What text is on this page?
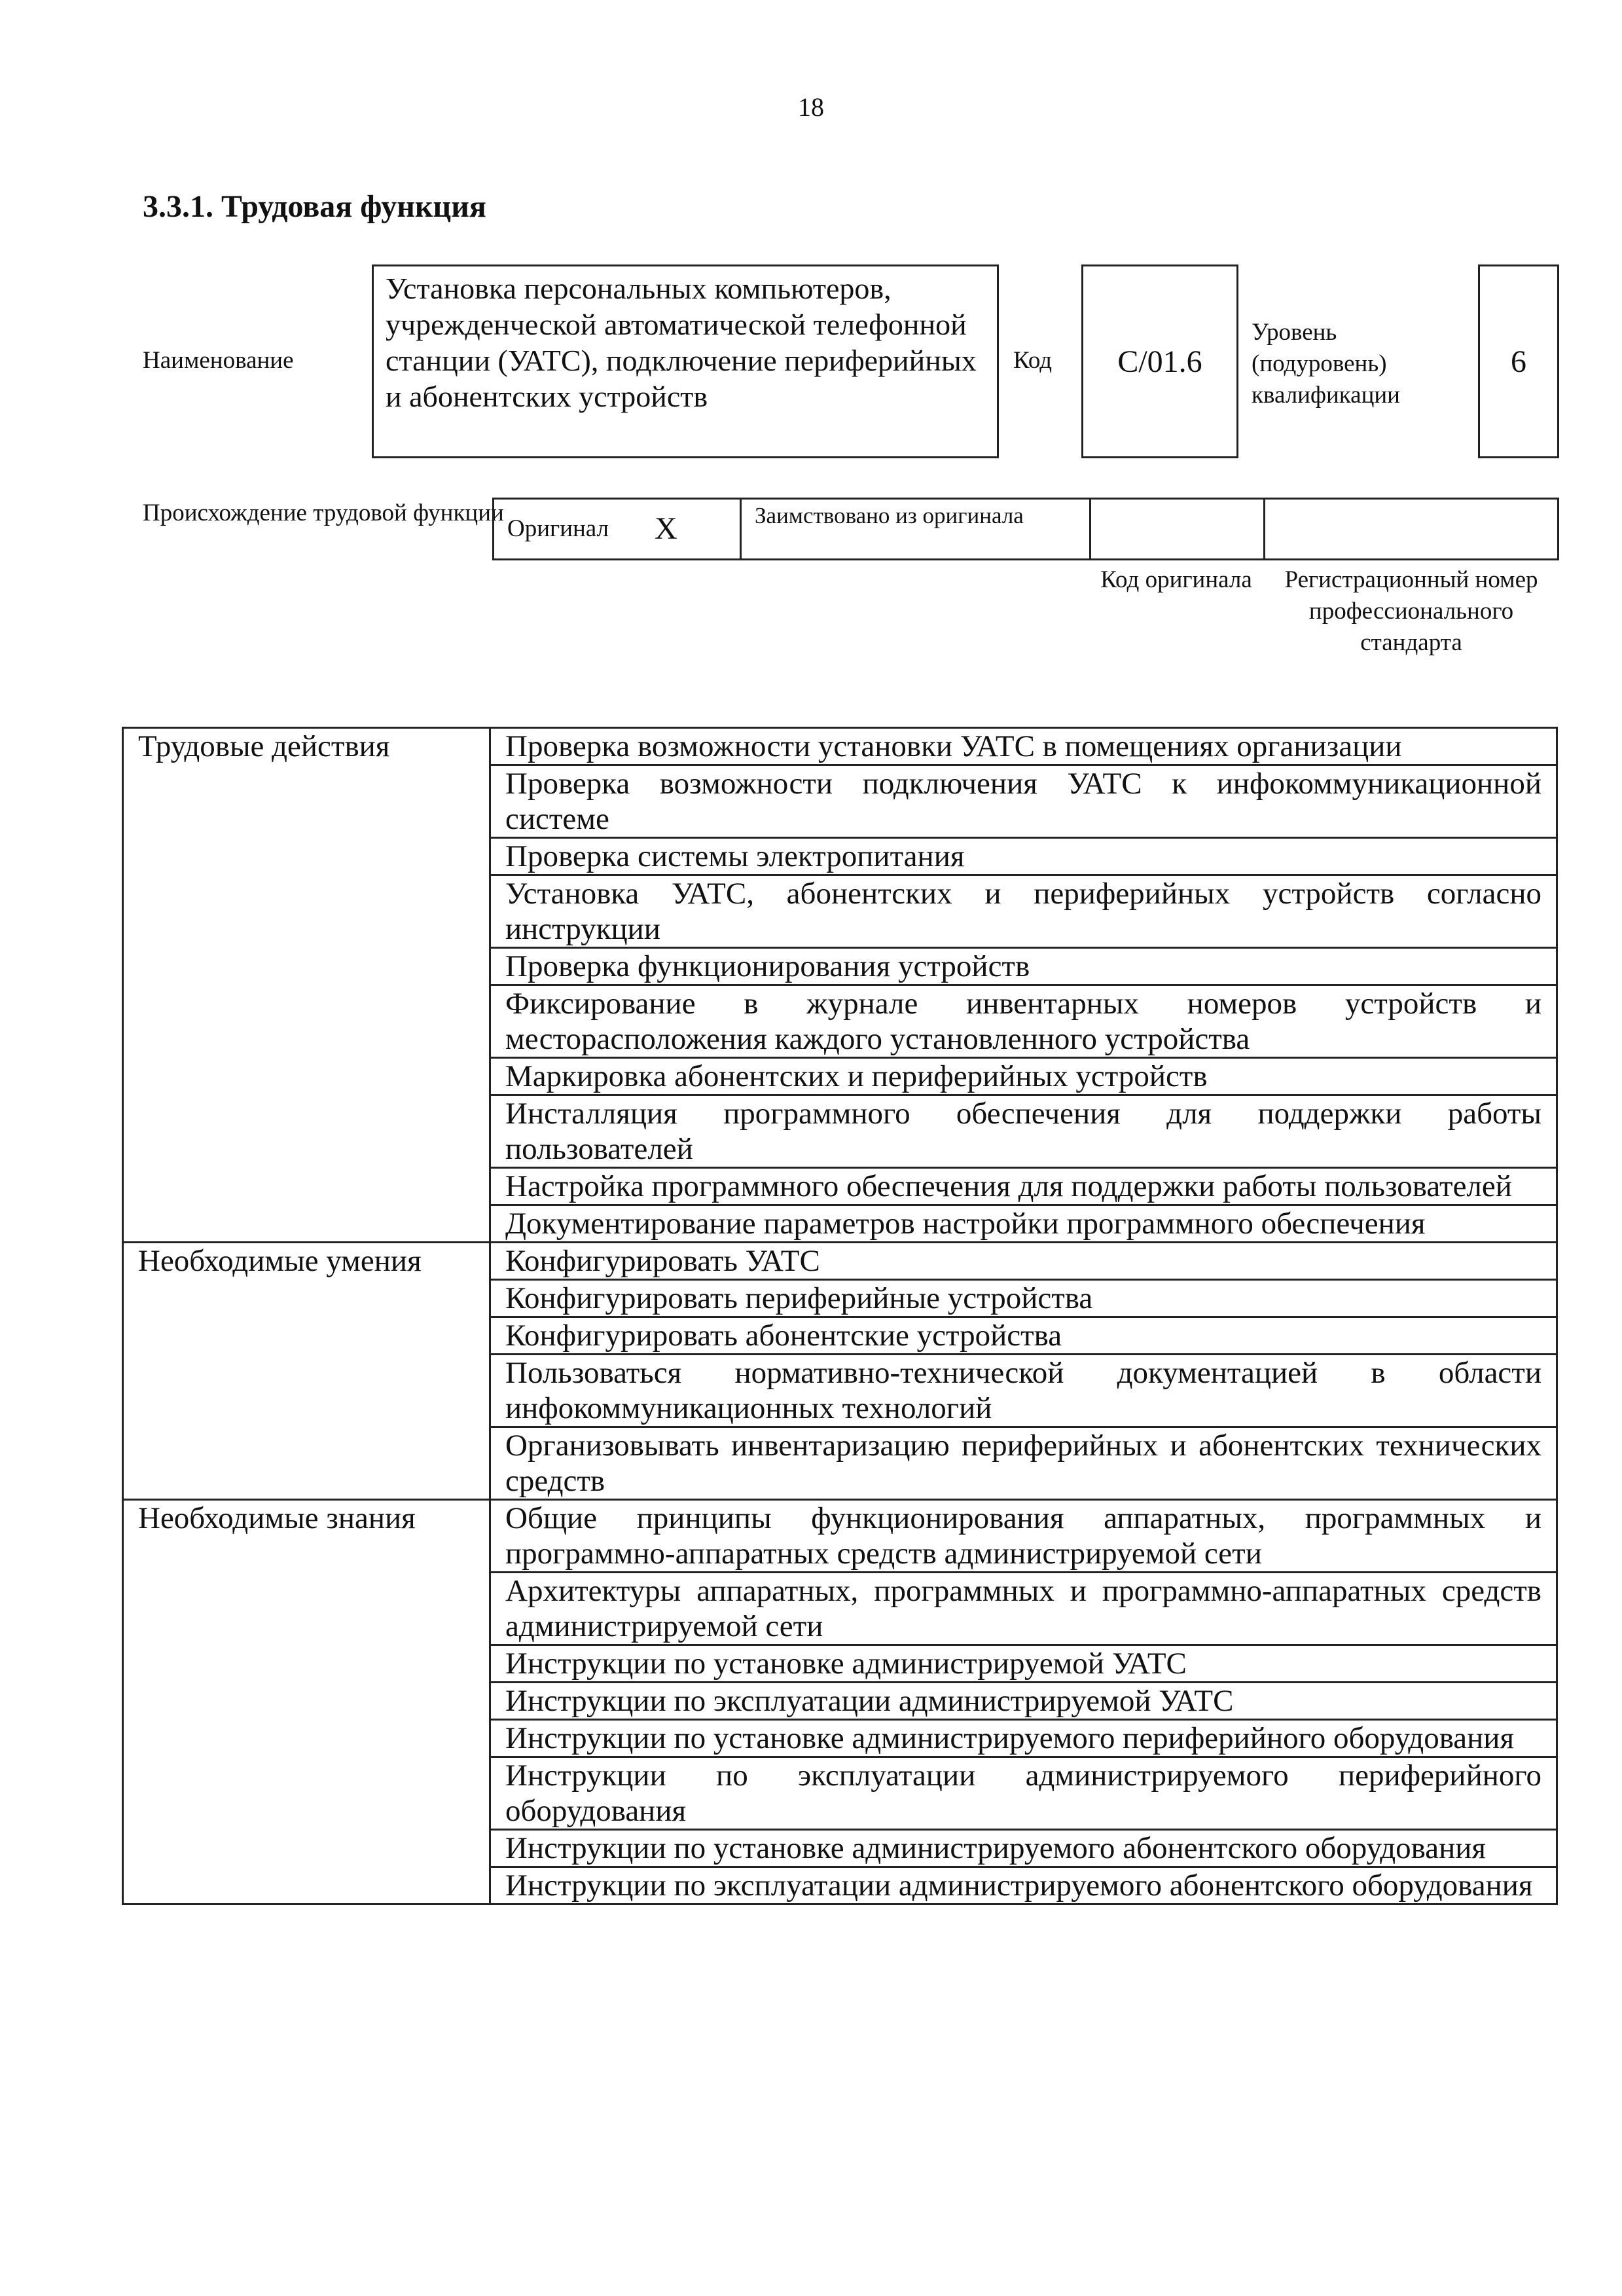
18
3.3.1. Трудовая функция
Наименование
Установка персональных компьютеров, учрежденческой автоматической телефонной станции (УАТС), подключение периферийных и абонентских устройств
Код	С/01.6
Уровень (подуровень) квалификации
6
Происхождение трудовой функции
Оригинал X	Заимствовано из оригинала
Код оригинала	Регистрационный номер профессионального стандарта
Трудовые действия	Проверка возможности установки УАТС в помещениях организации
	Проверка возможности подключения УАТС к инфокоммуникационной системе
	Проверка системы электропитания
	Установка УАТС, абонентских и периферийных устройств согласно инструкции
	Проверка функционирования устройств
	Фиксирование в журнале инвентарных номеров устройств и месторасположения каждого установленного устройства
	Маркировка абонентских и периферийных устройств
	Инсталляция программного обеспечения для поддержки работы пользователей
	Настройка программного обеспечения для поддержки работы пользователей
	Документирование параметров настройки программного обеспечения
Необходимые умения	Конфигурировать УАТС
	Конфигурировать периферийные устройства
	Конфигурировать абонентские устройства
	Пользоваться нормативно-технической документацией в области инфокоммуникационных технологий
	Организовывать инвентаризацию периферийных и абонентских технических средств
Необходимые знания	Общие принципы функционирования аппаратных, программных и программно-аппаратных средств администрируемой сети
	Архитектуры аппаратных, программных и программно-аппаратных средств администрируемой сети
	Инструкции по установке администрируемой УАТС
	Инструкции по эксплуатации администрируемой УАТС
	Инструкции по установке администрируемого периферийного оборудования
	Инструкции по эксплуатации администрируемого периферийного оборудования
	Инструкции по установке администрируемого абонентского оборудования
	Инструкции по эксплуатации администрируемого абонентского оборудования
